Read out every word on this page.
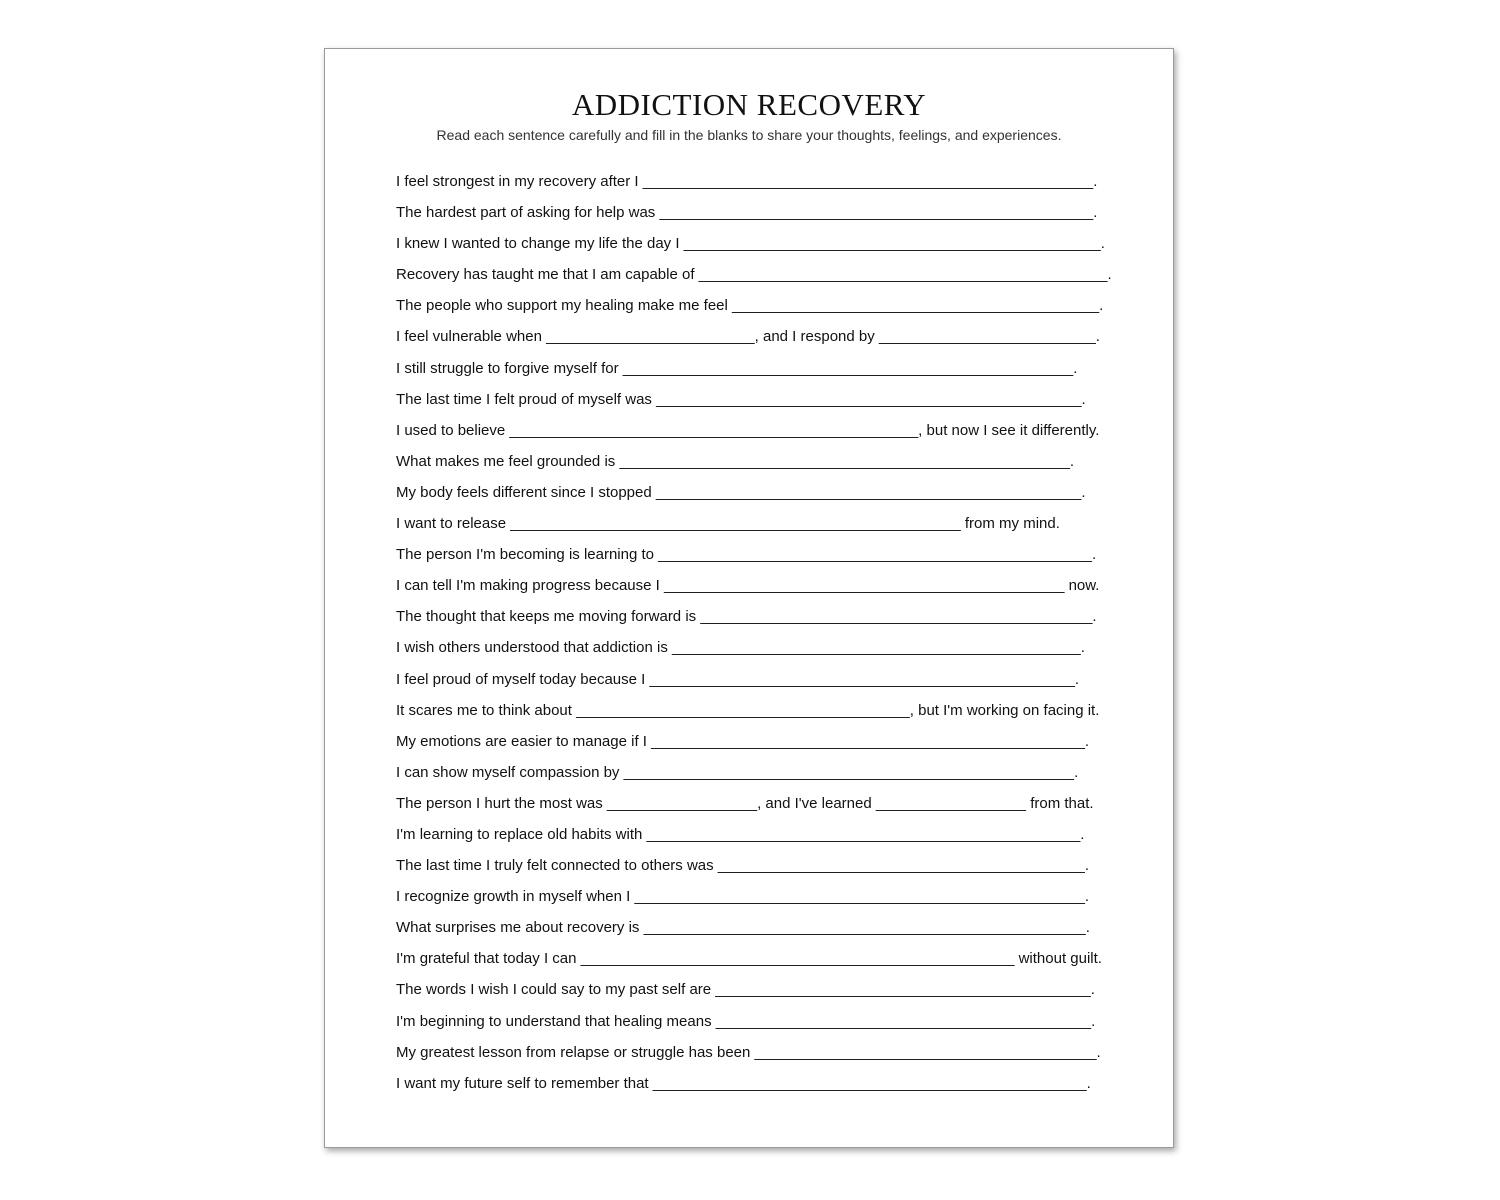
ADDICTION RECOVERY
Read each sentence carefully and fill in the blanks to share your thoughts, feelings, and experiences.
I feel strongest in my recovery after I ______________________________________________________.
The hardest part of asking for help was ____________________________________________________.
I knew I wanted to change my life the day I __________________________________________________.
Recovery has taught me that I am capable of _________________________________________________.
The people who support my healing make me feel ____________________________________________.
I feel vulnerable when _________________________, and I respond by __________________________.
I still struggle to forgive myself for ______________________________________________________.
The last time I felt proud of myself was ___________________________________________________.
I used to believe _________________________________________________, but now I see it differently.
What makes me feel grounded is ______________________________________________________.
My body feels different since I stopped ___________________________________________________.
I want to release ______________________________________________________ from my mind.
The person I'm becoming is learning to ____________________________________________________.
I can tell I'm making progress because I ________________________________________________ now.
The thought that keeps me moving forward is _______________________________________________.
I wish others understood that addiction is _________________________________________________.
I feel proud of myself today because I ___________________________________________________.
It scares me to think about ________________________________________, but I'm working on facing it.
My emotions are easier to manage if I ____________________________________________________.
I can show myself compassion by ______________________________________________________.
The person I hurt the most was __________________, and I've learned __________________ from that.
I'm learning to replace old habits with ____________________________________________________.
The last time I truly felt connected to others was ____________________________________________.
I recognize growth in myself when I ______________________________________________________.
What surprises me about recovery is _____________________________________________________.
I'm grateful that today I can ____________________________________________________ without guilt.
The words I wish I could say to my past self are _____________________________________________.
I'm beginning to understand that healing means _____________________________________________.
My greatest lesson from relapse or struggle has been _________________________________________.
I want my future self to remember that ____________________________________________________.
